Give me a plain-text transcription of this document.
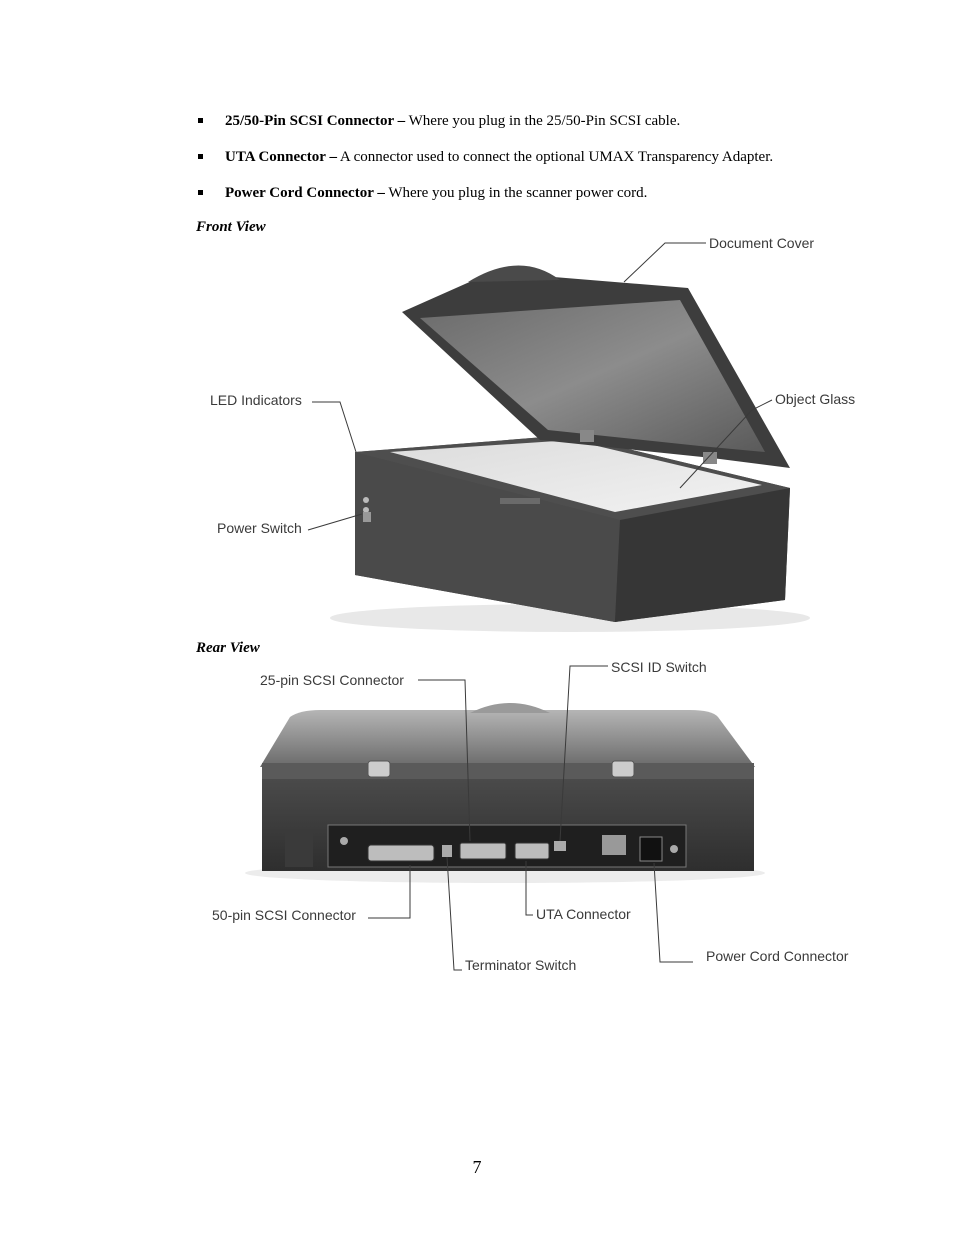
25/50-Pin SCSI Connector – Where you plug in the 25/50-Pin SCSI cable.
UTA Connector – A connector used to connect the optional UMAX Transparency Adapter.
Power Cord Connector – Where you plug in the scanner power cord.
Front View
Document Cover
LED Indicators	Object Glass
Power Switch
Rear View
25-pin SCSI Connector
SCSI ID Switch
50-pin SCSI Connector	UTA Connector
Terminator Switch
Power Cord Connector
7
